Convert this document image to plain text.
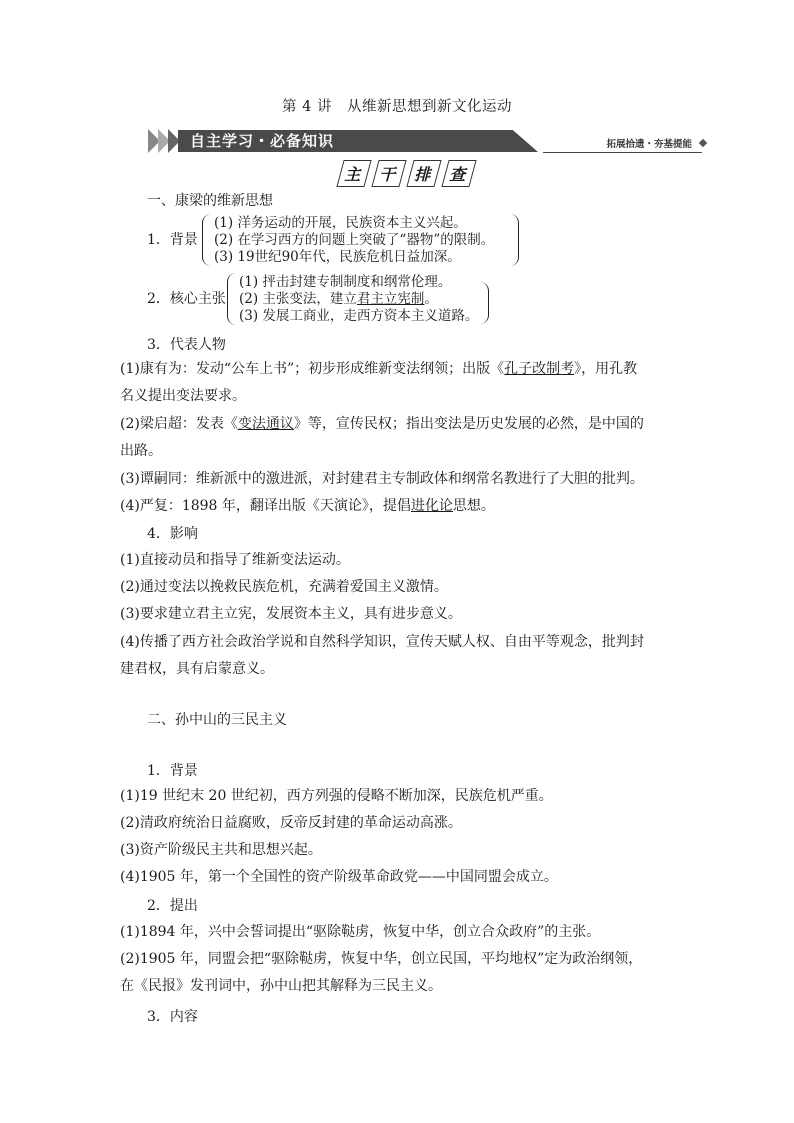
第 4 讲　从维新思想到新文化运动
自主学习・必备知识	拓展拾遗・夯基提能
主 干 排 查
一、康梁的维新思想
1．背景
(1) 洋务运动的开展，民族资本主义兴起。
(2) 在学习西方的问题上突破了“器物”的限制。
(3) 19世纪90年代，民族危机日益加深。
2．核心主张
(1) 抨击封建专制制度和纲常伦理。
(2) 主张变法，建立君主立宪制。
(3) 发展工商业，走西方资本主义道路。
3．代表人物
(1)康有为：发动“公车上书”；初步形成维新变法纲领；出版《孔子改制考》，用孔教
名义提出变法要求。
(2)梁启超：发表《变法通议》等，宣传民权；指出变法是历史发展的必然，是中国的
出路。
(3)谭嗣同：维新派中的激进派，对封建君主专制政体和纲常名教进行了大胆的批判。
(4)严复：1898 年，翻译出版《天演论》，提倡进化论思想。
4．影响
(1)直接动员和指导了维新变法运动。
(2)通过变法以挽救民族危机，充满着爱国主义激情。
(3)要求建立君主立宪，发展资本主义，具有进步意义。
(4)传播了西方社会政治学说和自然科学知识，宣传天赋人权、自由平等观念，批判封
建君权，具有启蒙意义。
二、孙中山的三民主义
1．背景
(1)19 世纪末 20 世纪初，西方列强的侵略不断加深，民族危机严重。
(2)清政府统治日益腐败，反帝反封建的革命运动高涨。
(3)资产阶级民主共和思想兴起。
(4)1905 年，第一个全国性的资产阶级革命政党——中国同盟会成立。
2．提出
(1)1894 年，兴中会誓词提出“驱除鞑虏，恢复中华，创立合众政府”的主张。
(2)1905 年，同盟会把“驱除鞑虏，恢复中华，创立民国，平均地权”定为政治纲领，
在《民报》发刊词中，孙中山把其解释为三民主义。
3．内容
